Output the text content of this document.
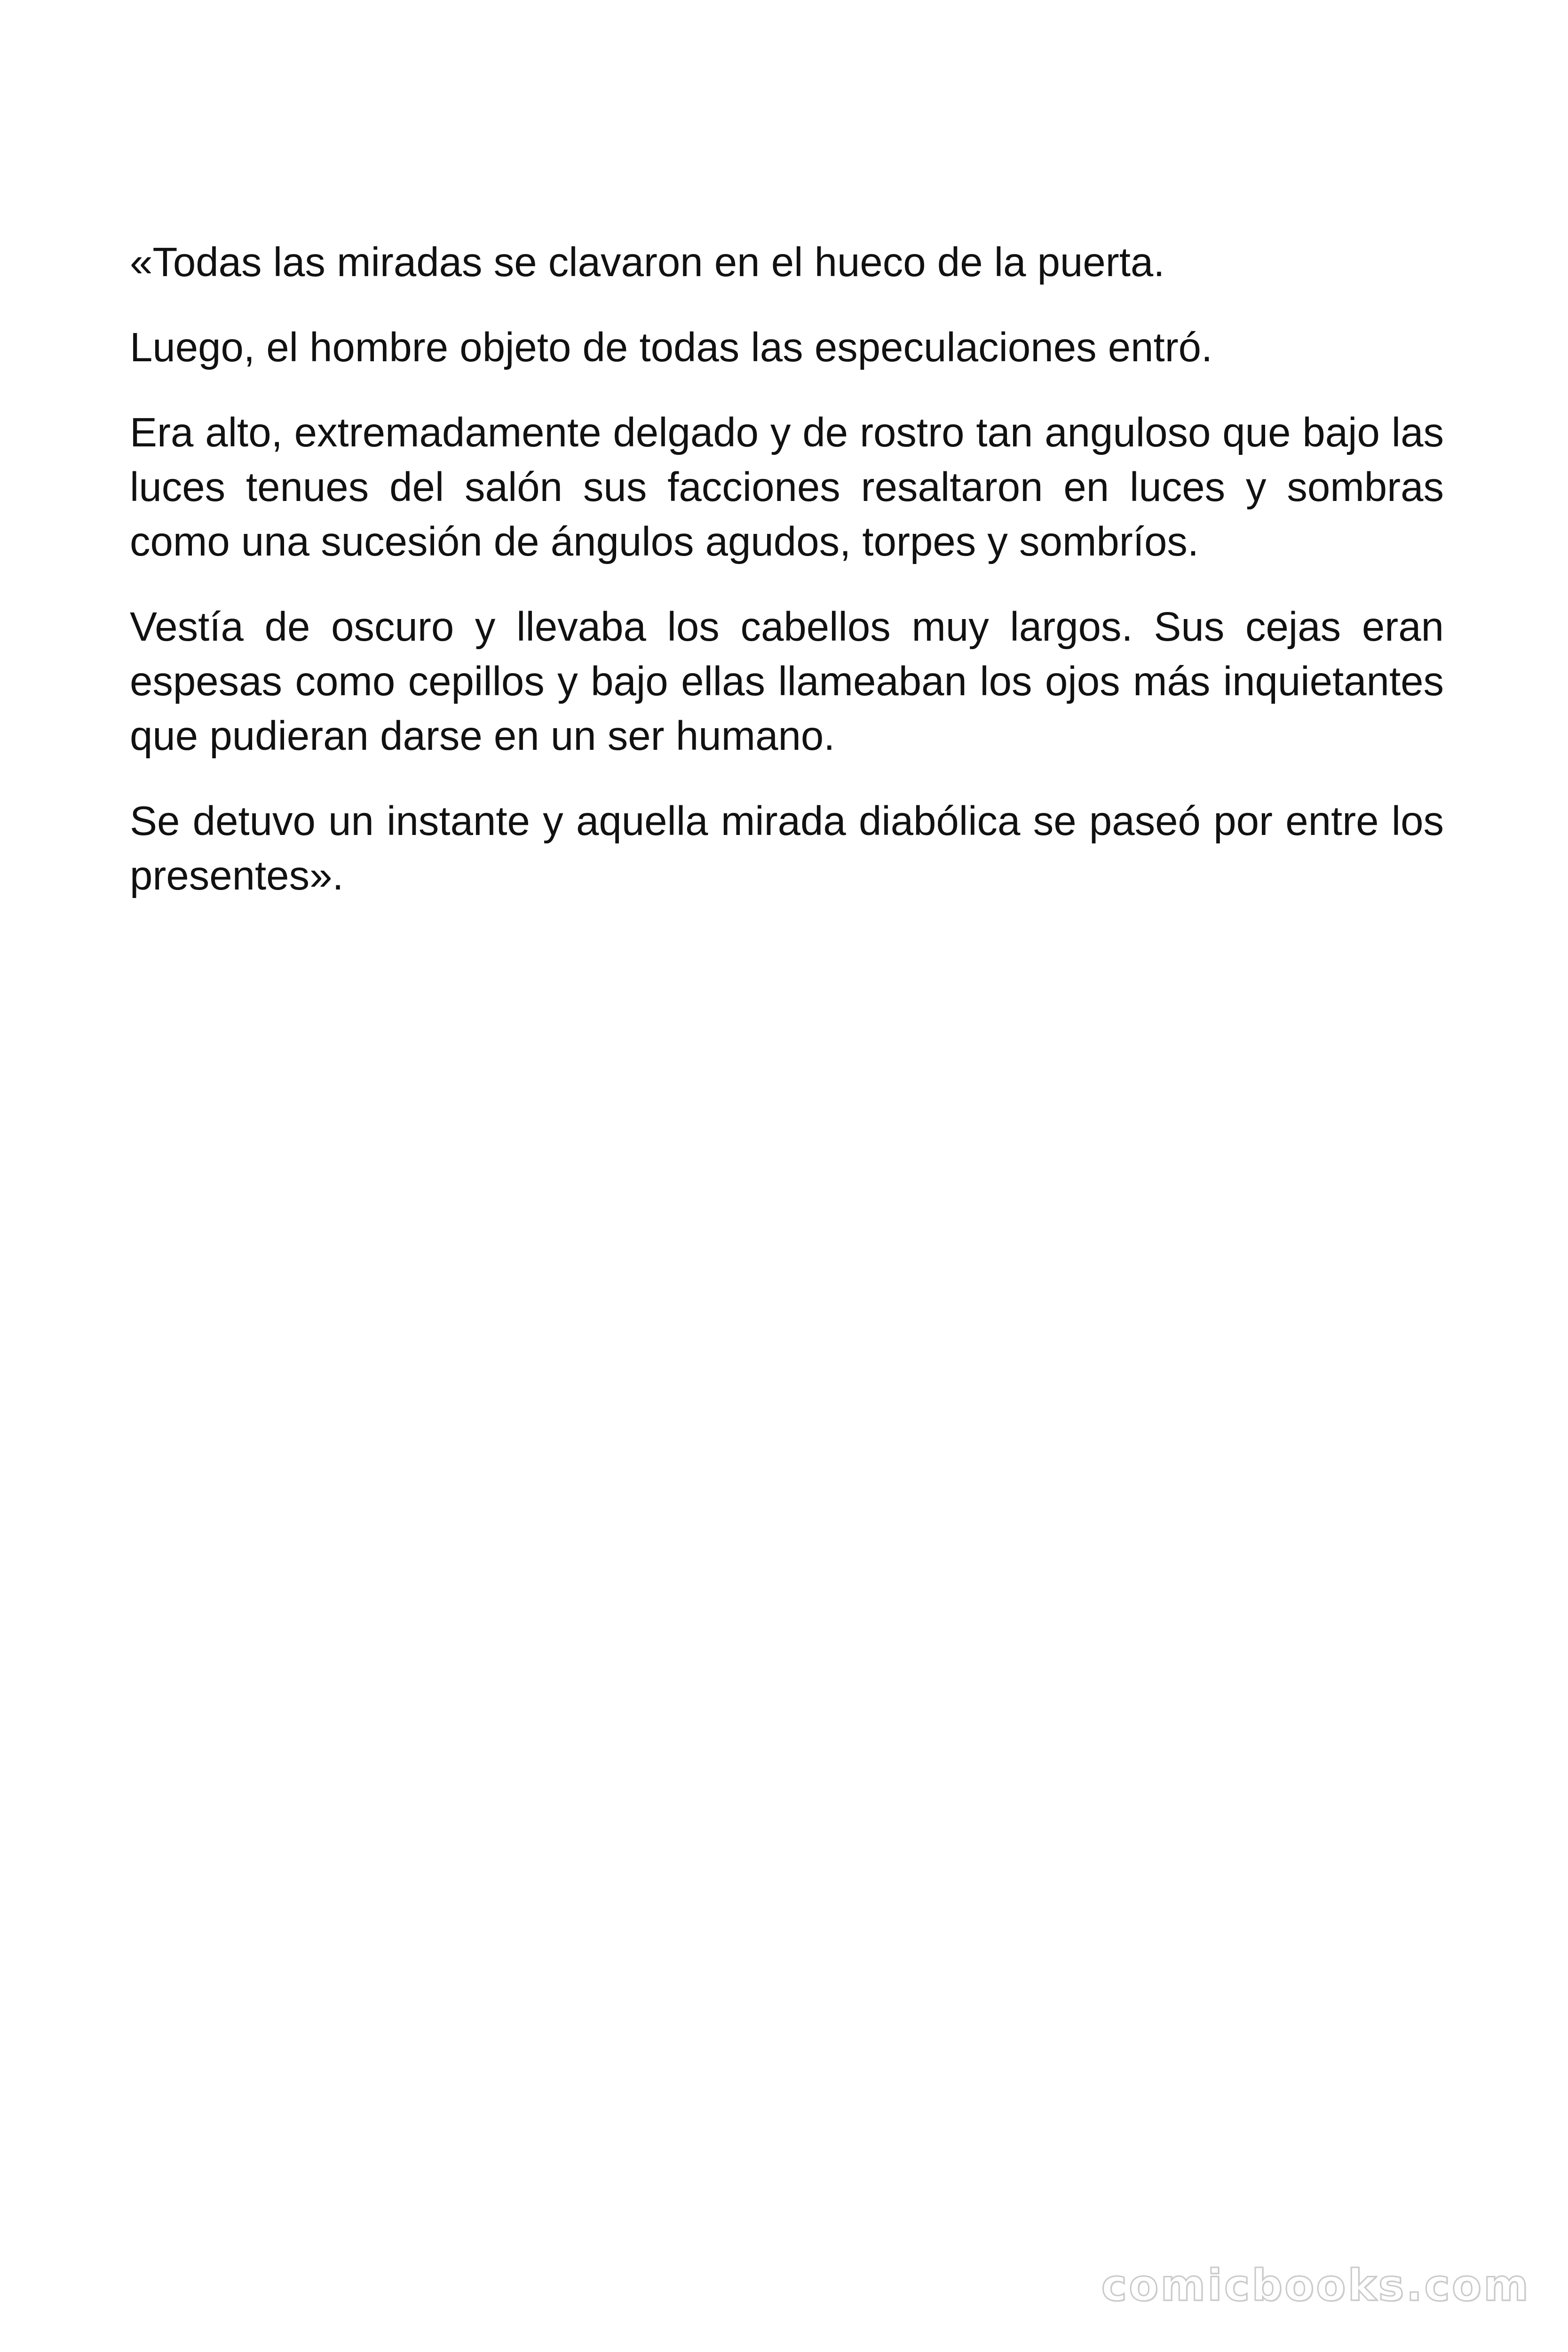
«Todas las miradas se clavaron en el hueco de la puerta.

Luego, el hombre objeto de todas las especulaciones entró.

Era alto, extremadamente delgado y de rostro tan anguloso que bajo las luces tenues del salón sus facciones resaltaron en luces y sombras como una sucesión de ángulos agudos, torpes y sombríos.

Vestía de oscuro y llevaba los cabellos muy largos. Sus cejas eran espesas como cepillos y bajo ellas llameaban los ojos más inquietantes que pudieran darse en un ser humano.

Se detuvo un instante y aquella mirada diabólica se paseó por entre los presentes».

comicbooks.com
